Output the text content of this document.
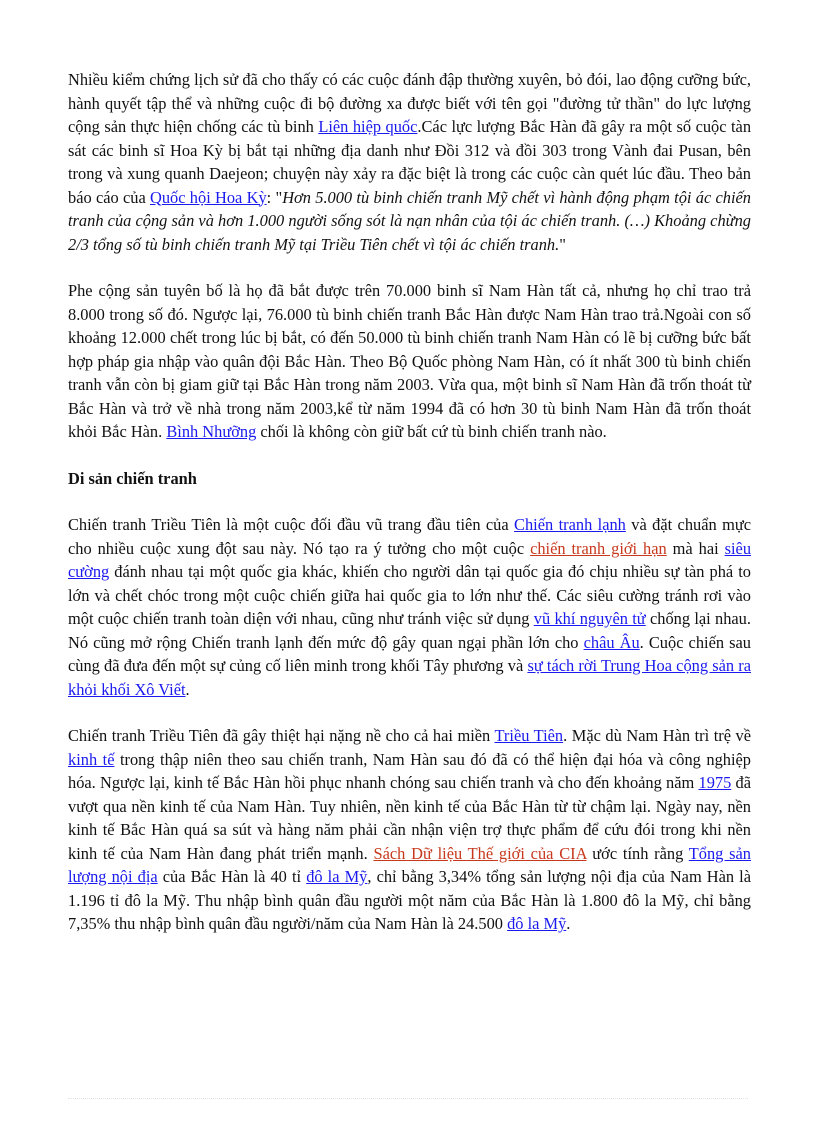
Nhiều kiểm chứng lịch sử đã cho thấy có các cuộc đánh đập thường xuyên, bỏ đói, lao động cưỡng bức, hành quyết tập thể và những cuộc đi bộ đường xa được biết với tên gọi "đường tử thần" do lực lượng cộng sản thực hiện chống các tù binh Liên hiệp quốc.Các lực lượng Bắc Hàn đã gây ra một số cuộc tàn sát các binh sĩ Hoa Kỳ bị bắt tại những địa danh như Đồi 312 và đồi 303 trong Vành đai Pusan, bên trong và xung quanh Daejeon; chuyện này xảy ra đặc biệt là trong các cuộc càn quét lúc đầu. Theo bản báo cáo của Quốc hội Hoa Kỳ: "Hơn 5.000 tù binh chiến tranh Mỹ chết vì hành động phạm tội ác chiến tranh của cộng sản và hơn 1.000 người sống sót là nạn nhân của tội ác chiến tranh. (…) Khoảng chừng 2/3 tổng số tù binh chiến tranh Mỹ tại Triều Tiên chết vì tội ác chiến tranh."

Phe cộng sản tuyên bố là họ đã bắt được trên 70.000 binh sĩ Nam Hàn tất cả, nhưng họ chỉ trao trả 8.000 trong số đó. Ngược lại, 76.000 tù binh chiến tranh Bắc Hàn được Nam Hàn trao trả.Ngoài con số khoảng 12.000 chết trong lúc bị bắt, có đến 50.000 tù binh chiến tranh Nam Hàn có lẽ bị cưỡng bức bất hợp pháp gia nhập vào quân đội Bắc Hàn. Theo Bộ Quốc phòng Nam Hàn, có ít nhất 300 tù binh chiến tranh vẫn còn bị giam giữ tại Bắc Hàn trong năm 2003. Vừa qua, một binh sĩ Nam Hàn đã trốn thoát từ Bắc Hàn và trở về nhà trong năm 2003,kể từ năm 1994 đã có hơn 30 tù binh Nam Hàn đã trốn thoát khỏi Bắc Hàn. Bình Nhưỡng chối là không còn giữ bất cứ tù binh chiến tranh nào.

Di sản chiến tranh

Chiến tranh Triều Tiên là một cuộc đối đầu vũ trang đầu tiên của Chiến tranh lạnh và đặt chuẩn mực cho nhiều cuộc xung đột sau này. Nó tạo ra ý tưởng cho một cuộc chiến tranh giới hạn mà hai siêu cường đánh nhau tại một quốc gia khác, khiến cho người dân tại quốc gia đó chịu nhiều sự tàn phá to lớn và chết chóc trong một cuộc chiến giữa hai quốc gia to lớn như thế. Các siêu cường tránh rơi vào một cuộc chiến tranh toàn diện với nhau, cũng như tránh việc sử dụng vũ khí nguyên tử chống lại nhau. Nó cũng mở rộng Chiến tranh lạnh đến mức độ gây quan ngại phần lớn cho châu Âu. Cuộc chiến sau cùng đã đưa đến một sự củng cố liên minh trong khối Tây phương và sự tách rời Trung Hoa cộng sản ra khỏi khối Xô Viết.

Chiến tranh Triều Tiên đã gây thiệt hại nặng nề cho cả hai miền Triều Tiên. Mặc dù Nam Hàn trì trệ về kinh tế trong thập niên theo sau chiến tranh, Nam Hàn sau đó đã có thể hiện đại hóa và công nghiệp hóa. Ngược lại, kinh tế Bắc Hàn hồi phục nhanh chóng sau chiến tranh và cho đến khoảng năm 1975 đã vượt qua nền kinh tế của Nam Hàn. Tuy nhiên, nền kinh tế của Bắc Hàn từ từ chậm lại. Ngày nay, nền kinh tế Bắc Hàn quá sa sút và hàng năm phải cần nhận viện trợ thực phẩm để cứu đói trong khi nền kinh tế của Nam Hàn đang phát triển mạnh. Sách Dữ liệu Thế giới của CIA ước tính rằng Tổng sản lượng nội địa của Bắc Hàn là 40 tỉ đô la Mỹ, chỉ bằng 3,34% tổng sản lượng nội địa của Nam Hàn là 1.196 tỉ đô la Mỹ. Thu nhập bình quân đầu người một năm của Bắc Hàn là 1.800 đô la Mỹ, chỉ bằng 7,35% thu nhập bình quân đầu người/năm của Nam Hàn là 24.500 đô la Mỹ.
